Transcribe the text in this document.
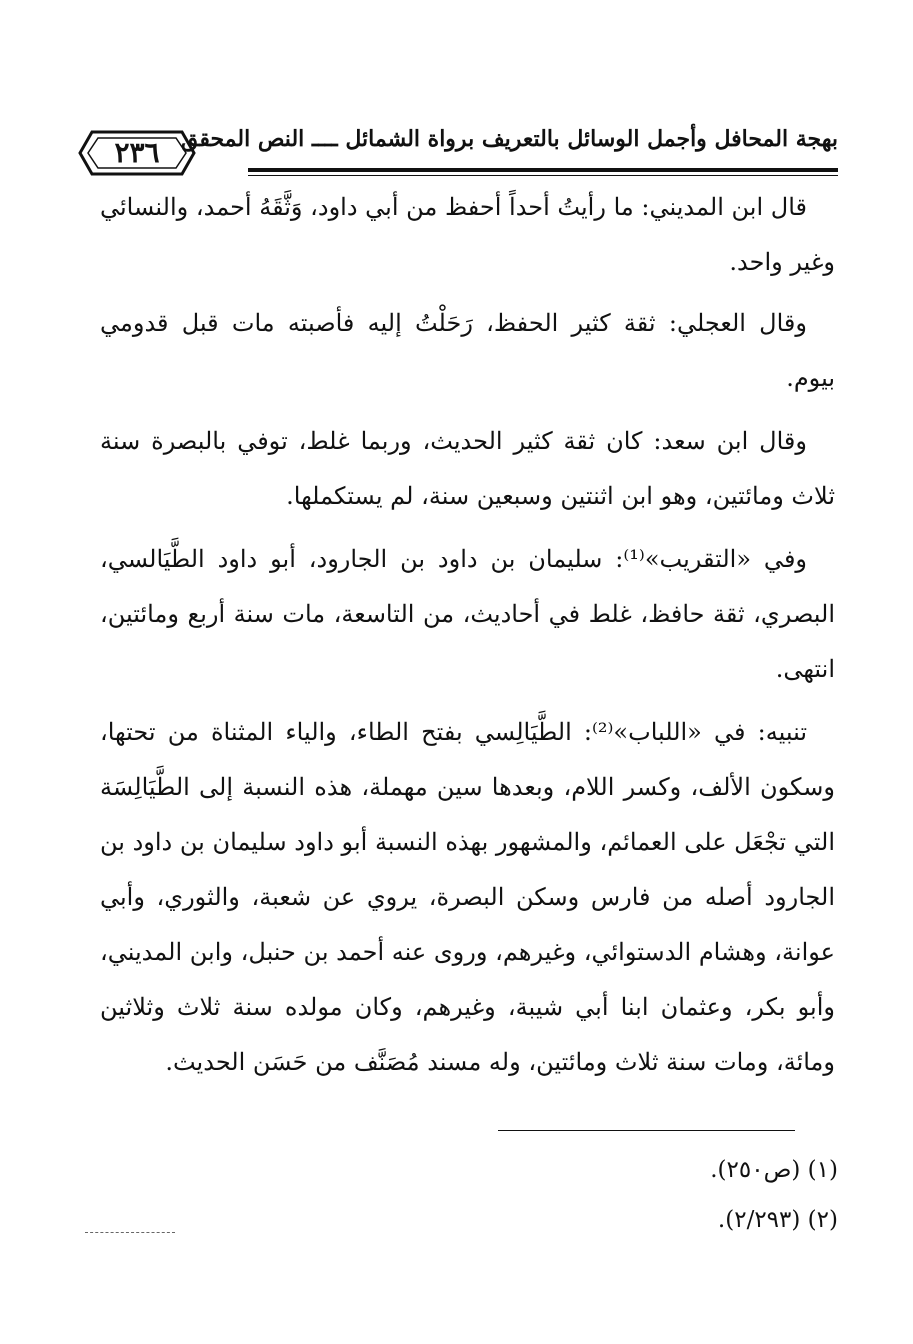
بهجة المحافل وأجمل الوسائل بالتعريف برواة الشمائل ــــ النص المحقق
٢٣٦

قال ابن المديني: ما رأيتُ أحداً أحفظ من أبي داود، وَثَّقَهُ أحمد، والنسائي وغير واحد.

وقال العجلي: ثقة كثير الحفظ، رَحَلْتُ إليه فأصبته مات قبل قدومي بيوم.

وقال ابن سعد: كان ثقة كثير الحديث، وربما غلط، توفي بالبصرة سنة ثلاث ومائتين، وهو ابن اثنتين وسبعين سنة، لم يستكملها.

وفي «التقريب»⁽¹⁾: سليمان بن داود بن الجارود، أبو داود الطَّيَالسي، البصري، ثقة حافظ، غلط في أحاديث، من التاسعة، مات سنة أربع ومائتين، انتهى.

تنبيه: في «اللباب»⁽²⁾: الطَّيَالِسي بفتح الطاء، والياء المثناة من تحتها، وسكون الألف، وكسر اللام، وبعدها سين مهملة، هذه النسبة إلى الطَّيَالِسَة التي تجْعَل على العمائم، والمشهور بهذه النسبة أبو داود سليمان بن داود بن الجارود أصله من فارس وسكن البصرة، يروي عن شعبة، والثوري، وأبي عوانة، وهشام الدستوائي، وغيرهم، وروى عنه أحمد بن حنبل، وابن المديني، وأبو بكر، وعثمان ابنا أبي شيبة، وغيرهم، وكان مولده سنة ثلاث وثلاثين ومائة، ومات سنة ثلاث ومائتين، وله مسند مُصَنَّف من حَسَن الحديث.

(١) (ص٢٥٠).
(٢) (٢/٢٩٣).
